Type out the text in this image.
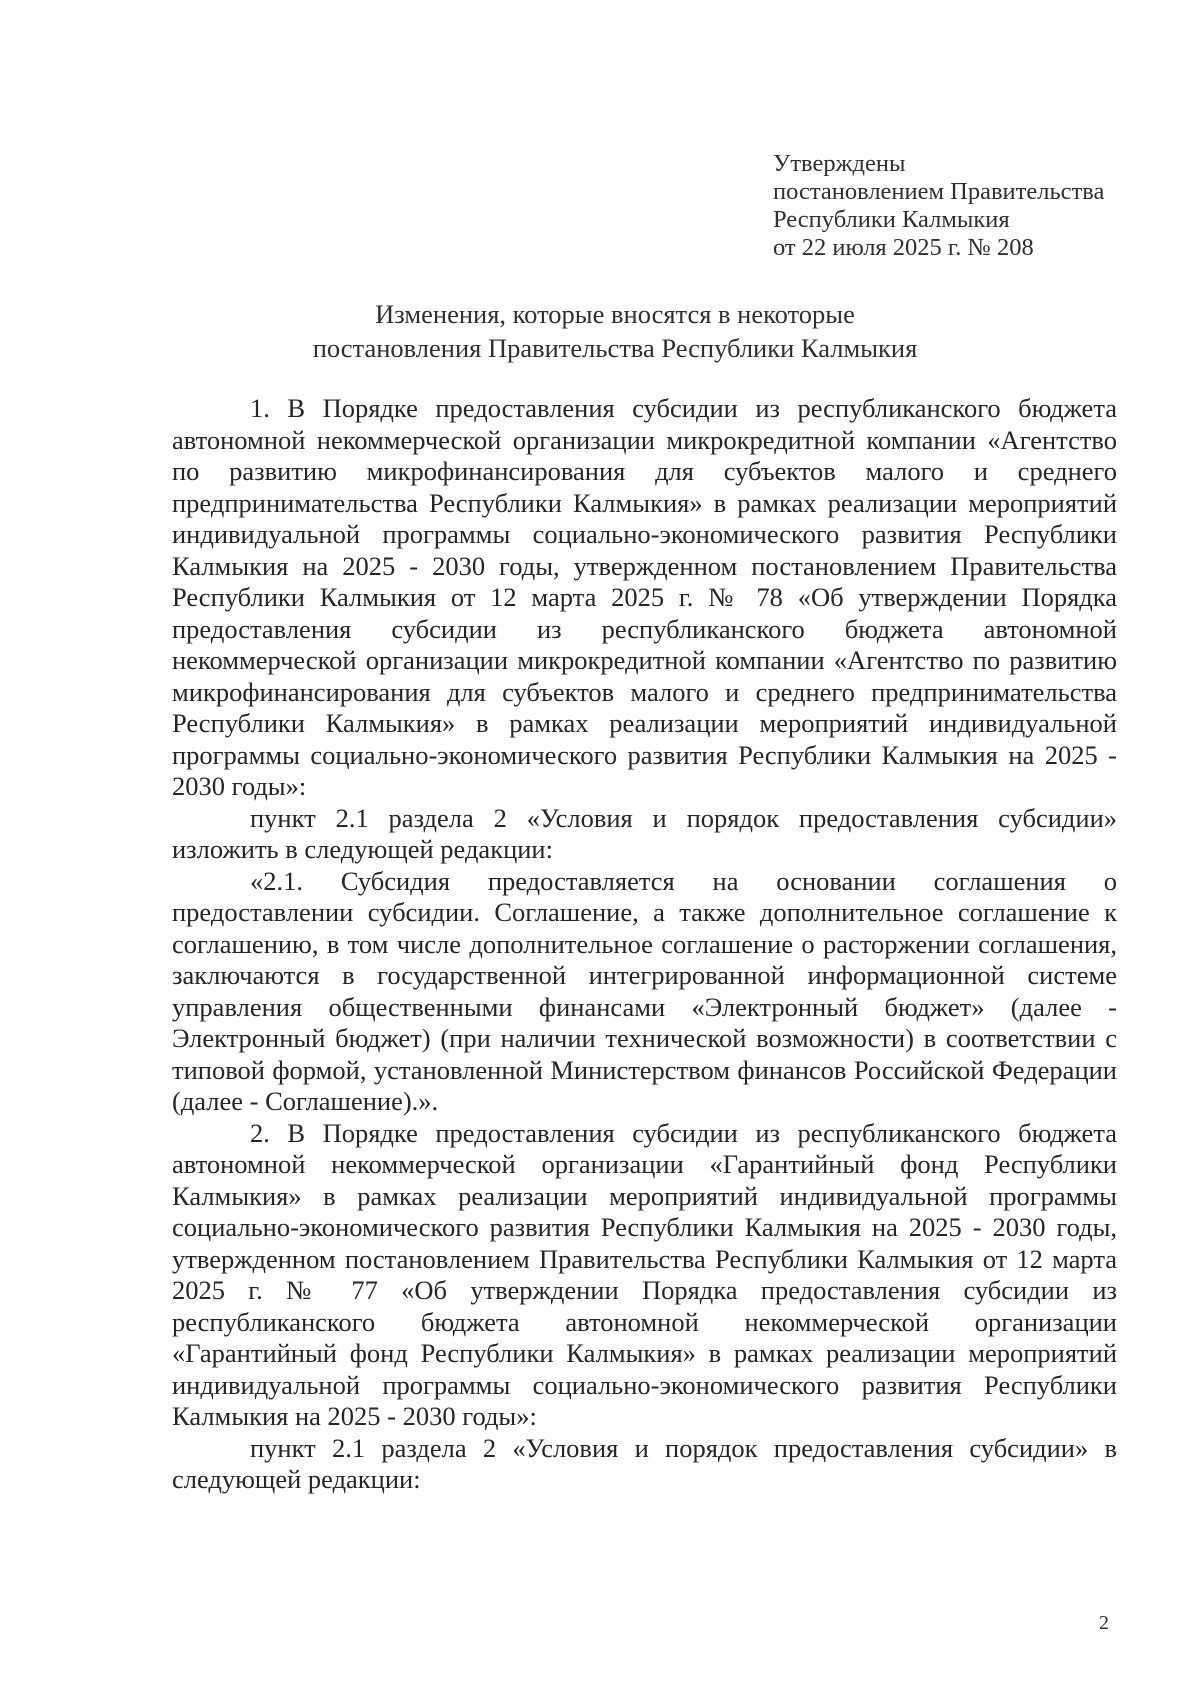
Утверждены
постановлением Правительства
Республики Калмыкия
от 22 июля 2025 г. № 208
Изменения, которые вносятся в некоторые
постановления Правительства Республики Калмыкия

1. В Порядке предоставления субсидии из республиканского бюджета автономной некоммерческой организации микрокредитной компании «Агентство по развитию микрофинансирования для субъектов малого и среднего предпринимательства Республики Калмыкия» в рамках реализации мероприятий индивидуальной программы социально-экономического развития Республики Калмыкия на 2025 - 2030 годы, утвержденном постановлением Правительства Республики Калмыкия от 12 марта 2025 г. № 78 «Об утверждении Порядка предоставления субсидии из республиканского бюджета автономной некоммерческой организации микрокредитной компании «Агентство по развитию микрофинансирования для субъектов малого и среднего предпринимательства Республики Калмыкия» в рамках реализации мероприятий индивидуальной программы социально-экономического развития Республики Калмыкия на 2025 - 2030 годы»:

пункт 2.1 раздела 2 «Условия и порядок предоставления субсидии» изложить в следующей редакции:

«2.1. Субсидия предоставляется на основании соглашения о предоставлении субсидии. Соглашение, а также дополнительное соглашение к соглашению, в том числе дополнительное соглашение о расторжении соглашения, заключаются в государственной интегрированной информационной системе управления общественными финансами «Электронный бюджет» (далее - Электронный бюджет) (при наличии технической возможности) в соответствии с типовой формой, установленной Министерством финансов Российской Федерации (далее - Соглашение).».

2. В Порядке предоставления субсидии из республиканского бюджета автономной некоммерческой организации «Гарантийный фонд Республики Калмыкия» в рамках реализации мероприятий индивидуальной программы социально-экономического развития Республики Калмыкия на 2025 - 2030 годы, утвержденном постановлением Правительства Республики Калмыкия от 12 марта 2025 г. № 77 «Об утверждении Порядка предоставления субсидии из республиканского бюджета автономной некоммерческой организации «Гарантийный фонд Республики Калмыкия» в рамках реализации мероприятий индивидуальной программы социально-экономического развития Республики Калмыкия на 2025 - 2030 годы»:

пункт 2.1 раздела 2 «Условия и порядок предоставления субсидии» в следующей редакции:

2
